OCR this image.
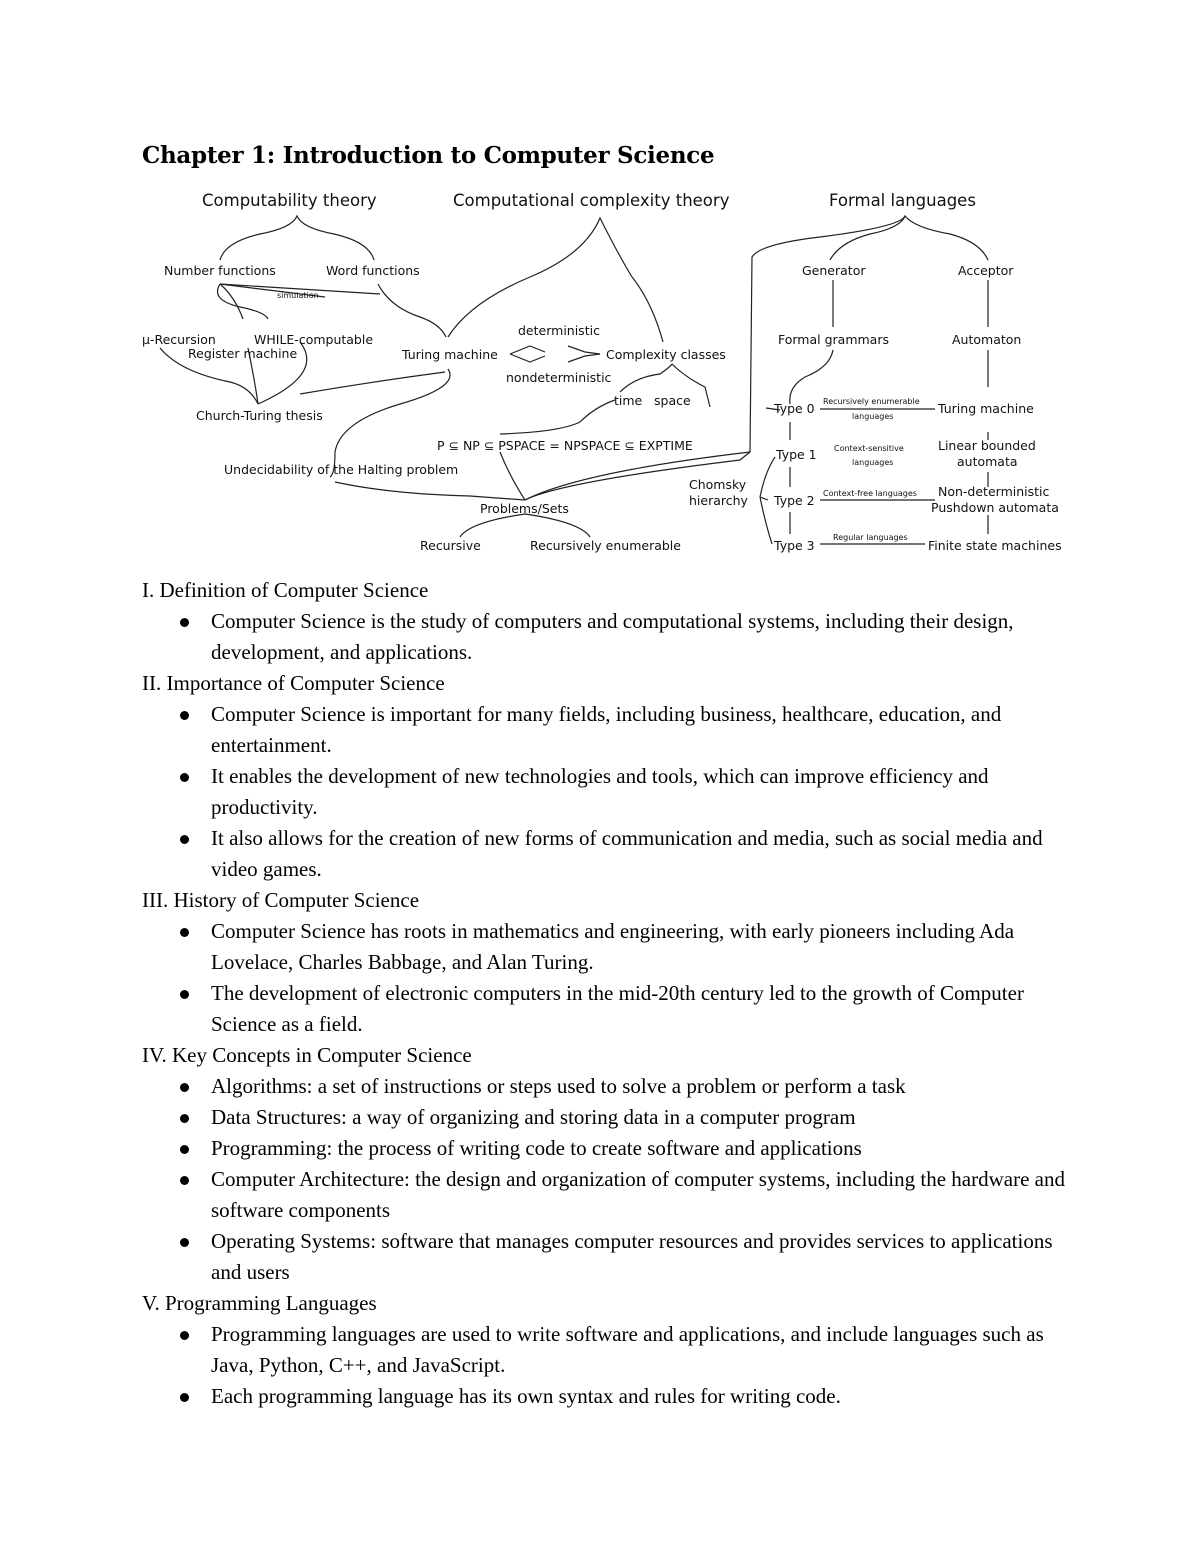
Chapter 1: Introduction to Computer Science
Computability theory	Computational complexity theory	Formal languages
Number functions	Word functions
simulation
μ-Recursion	WHILE-computable
Register machine
Church-Turing thesis
Undecidability of the Halting problem
Turing machine
deterministic
nondeterministic
Complexity classes
time space
P ⊆ NP ⊆ PSPACE = NPSPACE ⊆ EXPTIME
Problems/Sets
Recursive	Recursively enumerable
Generator	Acceptor
Formal grammars	Automaton
Chomsky
hierarchy
Type 0
Type 1
Type 2
Type 3
Recursively enumerable
languages
Context-sensitive
languages
Context-free languages
Regular languages
Turing machine
Linear bounded
automata
Non-deterministic
Pushdown automata
Finite state machines

I. Definition of Computer Science

Computer Science is the study of computers and computational systems, including their design, development, and applications.

II. Importance of Computer Science

Computer Science is important for many fields, including business, healthcare, education, and entertainment.
It enables the development of new technologies and tools, which can improve efficiency and productivity.
It also allows for the creation of new forms of communication and media, such as social media and video games.

III. History of Computer Science

Computer Science has roots in mathematics and engineering, with early pioneers including Ada Lovelace, Charles Babbage, and Alan Turing.
The development of electronic computers in the mid-20th century led to the growth of Computer Science as a field.

IV. Key Concepts in Computer Science

Algorithms: a set of instructions or steps used to solve a problem or perform a task
Data Structures: a way of organizing and storing data in a computer program
Programming: the process of writing code to create software and applications
Computer Architecture: the design and organization of computer systems, including the hardware and software components
Operating Systems: software that manages computer resources and provides services to applications and users

V. Programming Languages

Programming languages are used to write software and applications, and include languages such as Java, Python, C++, and JavaScript.
Each programming language has its own syntax and rules for writing code.
